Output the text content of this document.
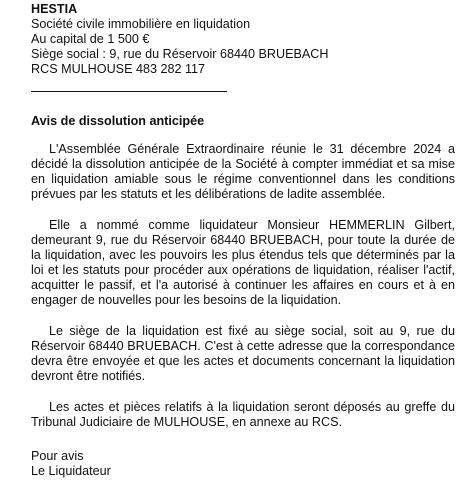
HESTIA
Société civile immobilière en liquidation
Au capital de 1 500 €
Siège social : 9, rue du Réservoir 68440 BRUEBACH
RCS MULHOUSE 483 282 117
Avis de dissolution anticipée

L'Assemblée Générale Extraordinaire réunie le 31 décembre 2024 a décidé la dissolution anticipée de la Société à compter immédiat et sa mise en liquidation amiable sous le régime conventionnel dans les conditions prévues par les statuts et les délibérations de ladite assemblée.

Elle a nommé comme liquidateur Monsieur HEMMERLIN Gilbert, demeurant 9, rue du Réservoir 68440 BRUEBACH, pour toute la durée de la liquidation, avec les pouvoirs les plus étendus tels que déterminés par la loi et les statuts pour procéder aux opérations de liquidation, réaliser l'actif, acquitter le passif, et l'a autorisé à continuer les affaires en cours et à en engager de nouvelles pour les besoins de la liquidation.

Le siège de la liquidation est fixé au siège social, soit au 9, rue du Réservoir 68440 BRUEBACH. C'est à cette adresse que la correspondance devra être envoyée et que les actes et documents concernant la liquidation devront être notifiés.

Les actes et pièces relatifs à la liquidation seront déposés au greffe du Tribunal Judiciaire de MULHOUSE, en annexe au RCS.

Pour avis
Le Liquidateur
